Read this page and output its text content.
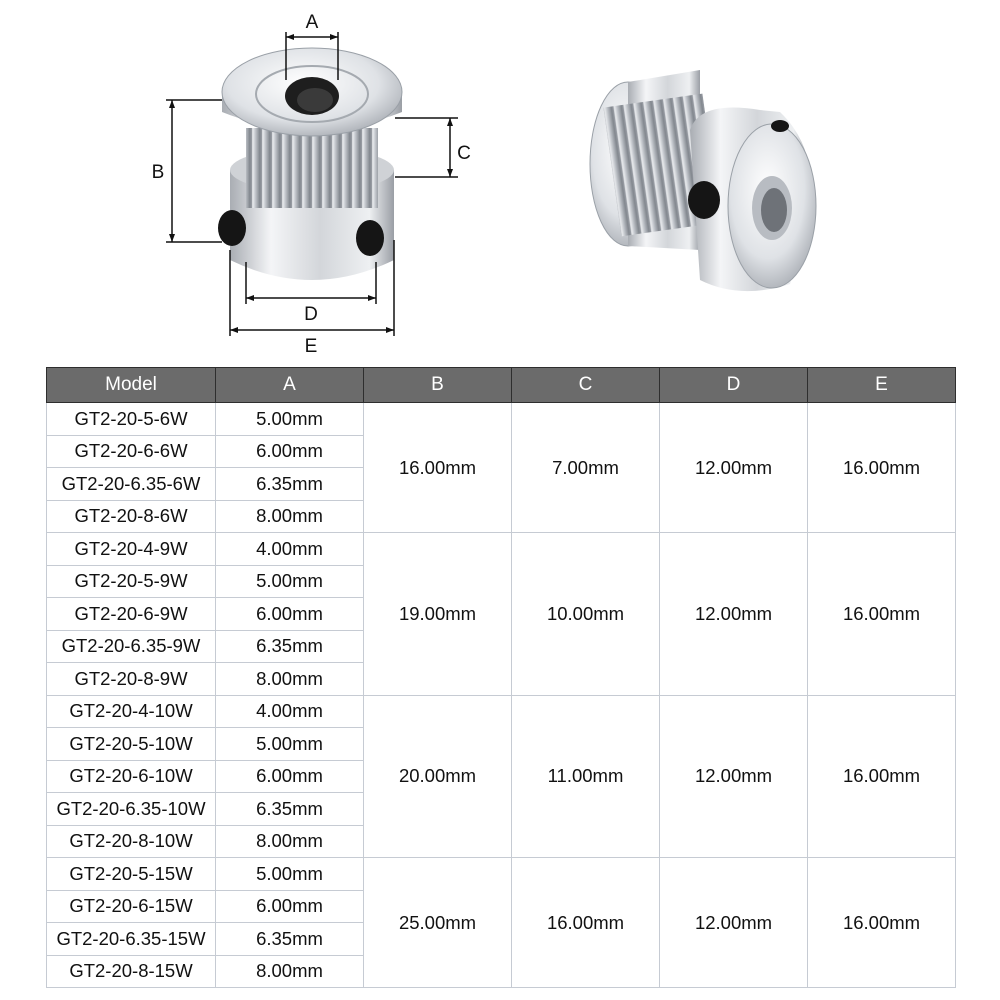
A
B
C
D
E
Model	A	B	C	D	E
GT2-20-5-6W	5.00mm	16.00mm	7.00mm	12.00mm	16.00mm
GT2-20-6-6W	6.00mm				
GT2-20-6.35-6W	6.35mm				
GT2-20-8-6W	8.00mm				
GT2-20-4-9W	4.00mm	19.00mm	10.00mm	12.00mm	16.00mm
GT2-20-5-9W	5.00mm				
GT2-20-6-9W	6.00mm				
GT2-20-6.35-9W	6.35mm				
GT2-20-8-9W	8.00mm				
GT2-20-4-10W	4.00mm	20.00mm	11.00mm	12.00mm	16.00mm
GT2-20-5-10W	5.00mm				
GT2-20-6-10W	6.00mm				
GT2-20-6.35-10W	6.35mm				
GT2-20-8-10W	8.00mm				
GT2-20-5-15W	5.00mm	25.00mm	16.00mm	12.00mm	16.00mm
GT2-20-6-15W	6.00mm				
GT2-20-6.35-15W	6.35mm				
GT2-20-8-15W	8.00mm				
